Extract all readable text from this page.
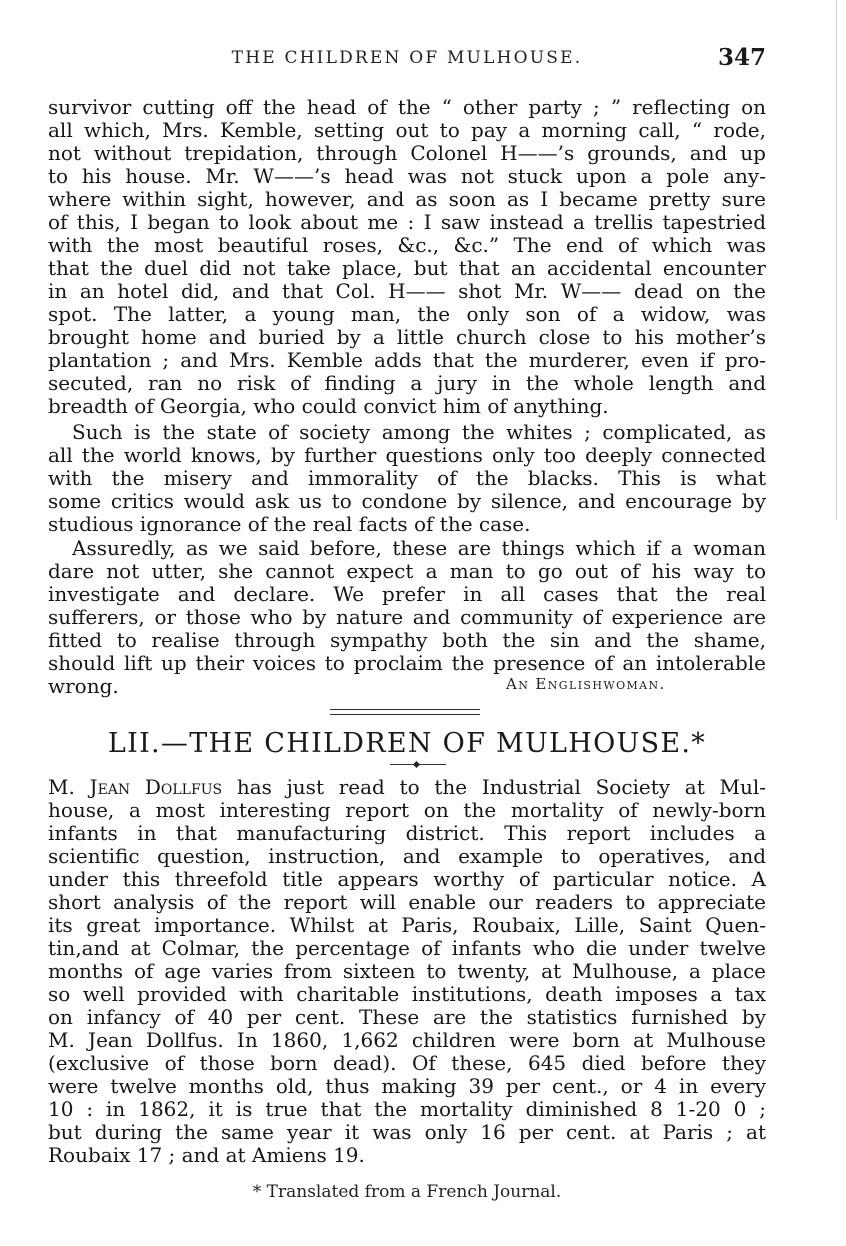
THE CHILDREN OF MULHOUSE.	347

survivor cutting off the head of the “ other party ; ” reflecting on

all which, Mrs. Kemble, setting out to pay a morning call, “ rode,

not without trepidation, through Colonel H——’s grounds, and up

to his house. Mr. W——’s head was not stuck upon a pole any-

where within sight, however, and as soon as I became pretty sure

of this, I began to look about me : I saw instead a trellis tapestried

with the most beautiful roses, &c., &c.” The end of which was

that the duel did not take place, but that an accidental encounter

in an hotel did, and that Col. H—— shot Mr. W—— dead on the

spot. The latter, a young man, the only son of a widow, was

brought home and buried by a little church close to his mother’s

plantation ; and Mrs. Kemble adds that the murderer, even if pro-

secuted, ran no risk of finding a jury in the whole length and

breadth of Georgia, who could convict him of anything.

Such is the state of society among the whites ; complicated, as

all the world knows, by further questions only too deeply connected

with the misery and immorality of the blacks. This is what

some critics would ask us to condone by silence, and encourage by

studious ignorance of the real facts of the case.

Assuredly, as we said before, these are things which if a woman

dare not utter, she cannot expect a man to go out of his way to

investigate and declare. We prefer in all cases that the real

sufferers, or those who by nature and community of experience are

fitted to realise through sympathy both the sin and the shame,

should lift up their voices to proclaim the presence of an intolerable

wrong.	An Englishwoman.
LII.—THE CHILDREN OF MULHOUSE.*

M. Jean Dollfus has just read to the Industrial Society at Mul-

house, a most interesting report on the mortality of newly-born

infants in that manufacturing district. This report includes a

scientific question, instruction, and example to operatives, and

under this threefold title appears worthy of particular notice. A

short analysis of the report will enable our readers to appreciate

its great importance. Whilst at Paris, Roubaix, Lille, Saint Quen-

tin,and at Colmar, the percentage of infants who die under twelve

months of age varies from sixteen to twenty, at Mulhouse, a place

so well provided with charitable institutions, death imposes a tax

on infancy of 40 per cent. These are the statistics furnished by

M. Jean Dollfus. In 1860, 1,662 children were born at Mulhouse

(exclusive of those born dead). Of these, 645 died before they

were twelve months old, thus making 39 per cent., or 4 in every

10 : in 1862, it is true that the mortality diminished 8 1-20 0 ;

but during the same year it was only 16 per cent. at Paris ; at

Roubaix 17 ; and at Amiens 19.

* Translated from a French Journal.
